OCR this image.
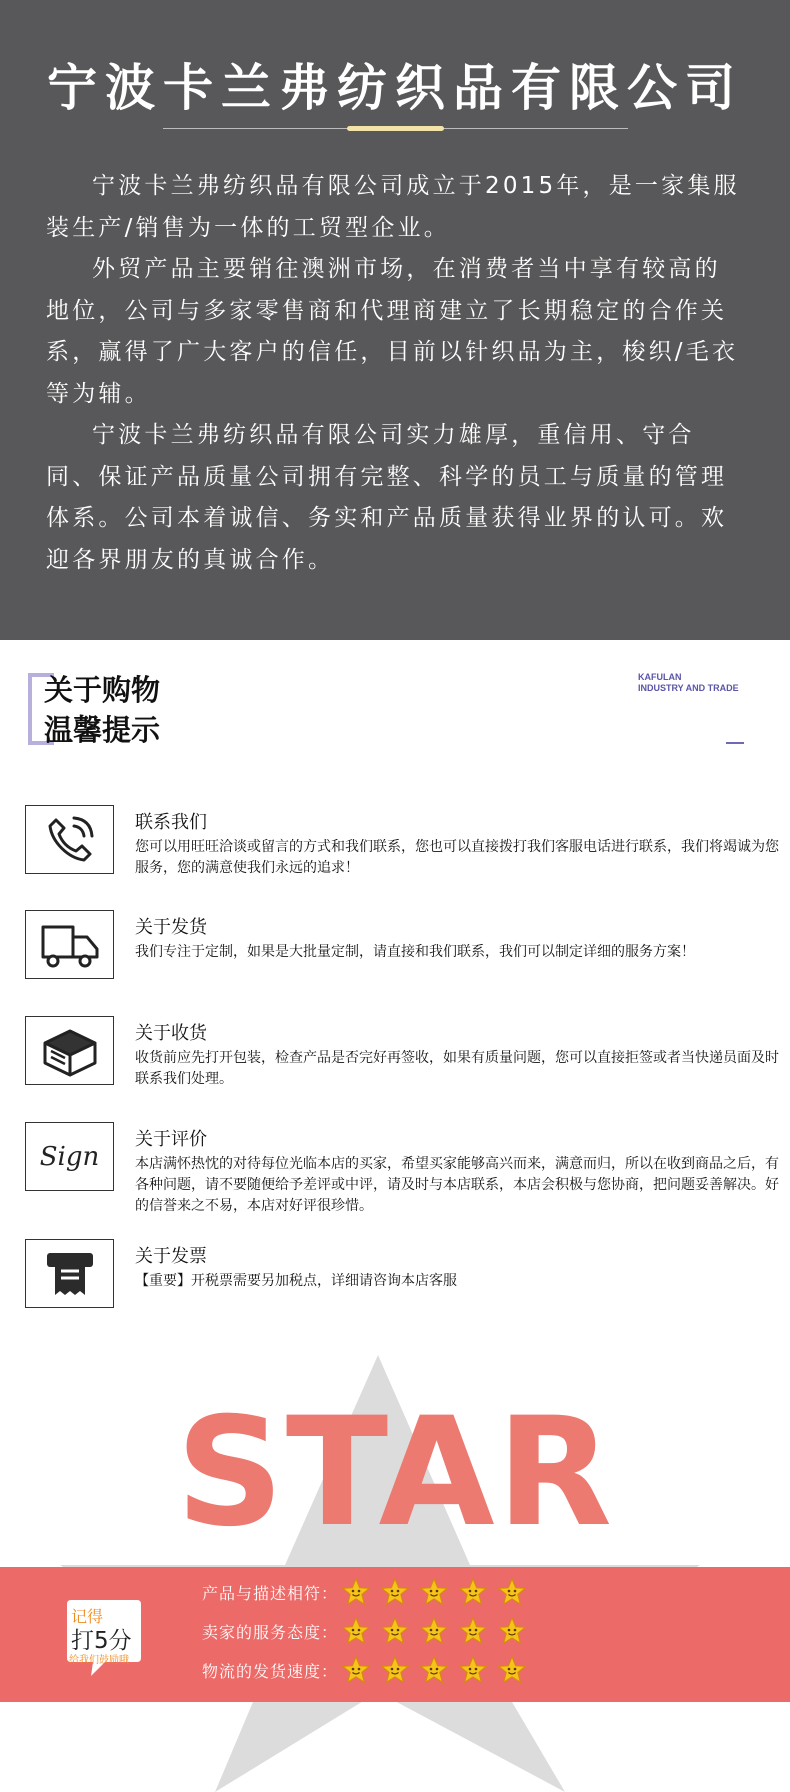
宁波卡兰弗纺织品有限公司

宁波卡兰弗纺织品有限公司成立于2015年，是一家集服装生产/销售为一体的工贸型企业。

外贸产品主要销往澳洲市场，在消费者当中享有较高的地位，公司与多家零售商和代理商建立了长期稳定的合作关系，赢得了广大客户的信任，目前以针织品为主，梭织/毛衣等为辅。

宁波卡兰弗纺织品有限公司实力雄厚，重信用、守合同、保证产品质量公司拥有完整、科学的员工与质量的管理体系。公司本着诚信、务实和产品质量获得业界的认可。欢迎各界朋友的真诚合作。

关于购物
温馨提示
KAFULAN
INDUSTRY AND TRADE
联系我们
您可以用旺旺洽谈或留言的方式和我们联系，您也可以直接拨打我们客服电话进行联系，我们将竭诚为您服务，您的满意使我们永远的追求！
关于发货
我们专注于定制，如果是大批量定制，请直接和我们联系，我们可以制定详细的服务方案！
关于收货
收货前应先打开包装，检查产品是否完好再签收，如果有质量问题，您可以直接拒签或者当快递员面及时联系我们处理。
Sign
关于评价
本店满怀热忱的对待每位光临本店的买家，希望买家能够高兴而来，满意而归，所以在收到商品之后，有各种问题，请不要随便给予差评或中评，请及时与本店联系，本店会积极与您协商，把问题妥善解决。好的信誉来之不易，本店对好评很珍惜。
关于发票
【重要】开税票需要另加税点，详细请咨询本店客服
STAR
记得
打5分
给我们鼓励哦
产品与描述相符：
卖家的服务态度：
物流的发货速度：
